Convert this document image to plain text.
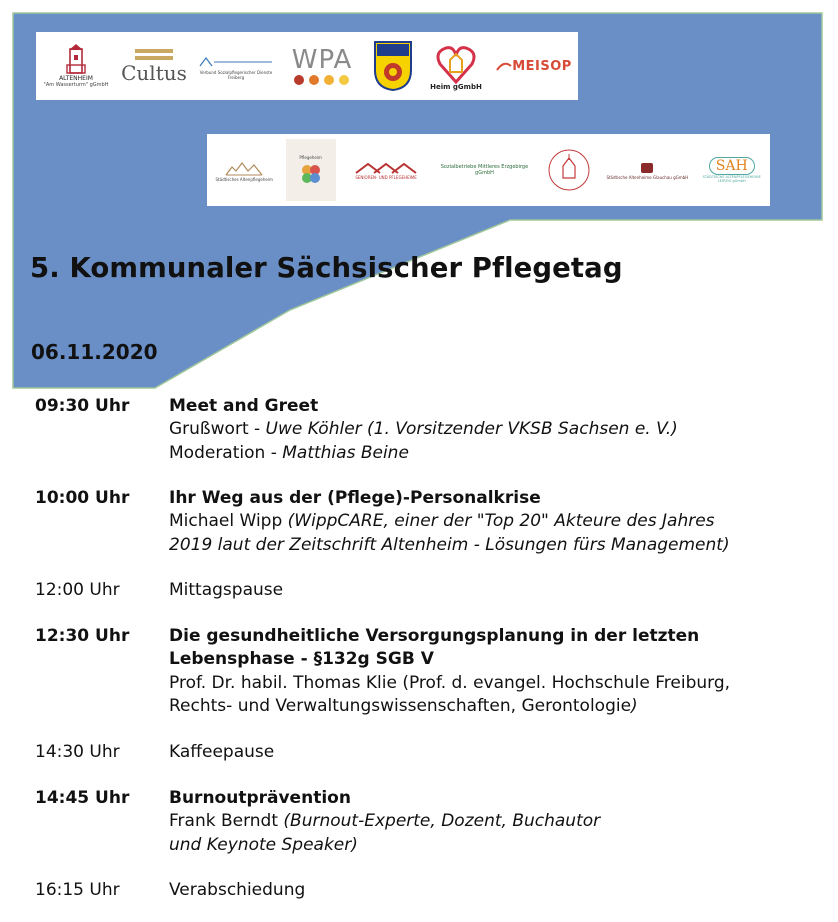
ALTENHEIM
"Am Wasserturm" gGmbH Cultus	Verbund Sozialpflegerischer Dienste Freiberg
WPA
Heim gGmbH
MEISOP
Städtisches Altenpflegeheim
Pflegeheim
SENIOREN- UND PFLEGEHEIME
Sozialbetriebe Mittleres Erzgebirge gGmbH
Städtische Altenheime Glauchau gGmbH
SAH
STÄDTISCHE ALTENPFLEGEHEIME LEIPZIG gGmbH
5. Kommunaler Sächsischer Pflegetag
06.11.2020
09:30 Uhr Meet and Greet
Grußwort - Uwe Köhler (1. Vorsitzender VKSB Sachsen e. V.)
Moderation - Matthias Beine
10:00 Uhr Ihr Weg aus der (Pflege)-Personalkrise
Michael Wipp (WippCARE, einer der "Top 20" Akteure des Jahres
2019 laut der Zeitschrift Altenheim - Lösungen fürs Management)
12:00 Uhr	Mittagspause
12:30 Uhr Die gesundheitliche Versorgungsplanung in der letzten
Lebensphase - §132g SGB V
Prof. Dr. habil. Thomas Klie (Prof. d. evangel. Hochschule Freiburg,
Rechts- und Verwaltungswissenschaften, Gerontologie)
14:30 Uhr	Kaffeepause
14:45 Uhr Burnoutprävention
Frank Berndt (Burnout-Experte, Dozent, Buchautor
und Keynote Speaker)
16:15 Uhr	Verabschiedung
